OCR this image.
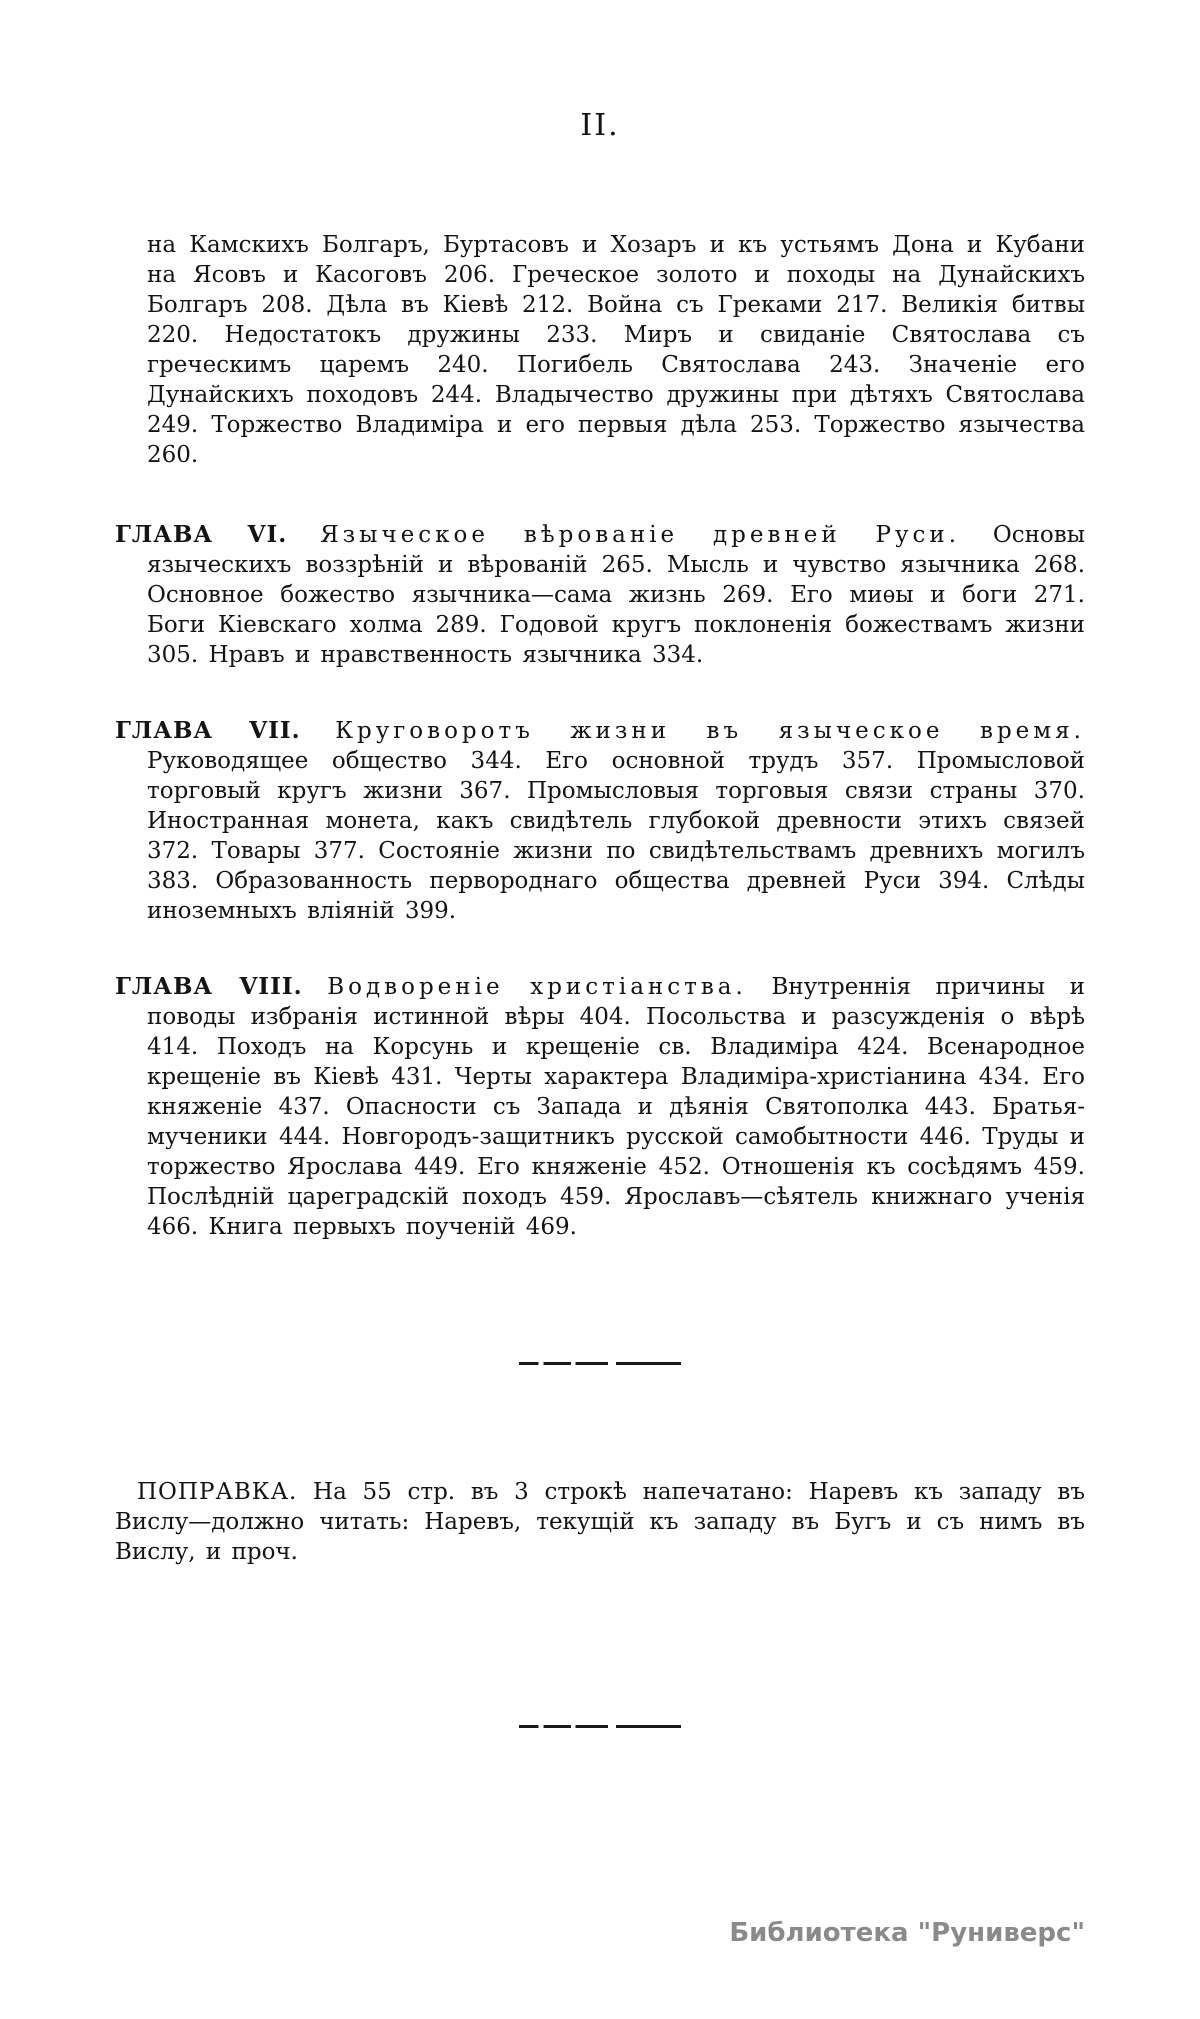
II.

на Камскихъ Болгаръ, Буртасовъ и Хозаръ и къ устьямъ Дона и Кубани на Ясовъ и Касоговъ 206. Греческое золото и походы на Дунайскихъ Болгаръ 208. Дѣла въ Кіевѣ 212. Война съ Греками 217. Великія битвы 220. Недостатокъ дружины 233. Миръ и свиданіе Святослава съ греческимъ царемъ 240. Погибель Святослава 243. Значеніе его Дунайскихъ походовъ 244. Владычество дружины при дѣтяхъ Святослава 249. Торжество Владиміра и его первыя дѣла 253. Торжество язычества 260.

ГЛАВА VI. Языческое вѣрованіе древней Руси. Основы языческихъ воззрѣній и вѣрованій 265. Мысль и чувство язычника 268. Основное божество язычника—сама жизнь 269. Его миѳы и боги 271. Боги Кіевскаго холма 289. Годовой кругъ поклоненія божествамъ жизни 305. Нравъ и нравственность язычника 334.

ГЛАВА VII. Круговоротъ жизни въ языческое время. Руководящее общество 344. Его основной трудъ 357. Промысловой торговый кругъ жизни 367. Промысловыя торговыя связи страны 370. Иностранная монета, какъ свидѣтель глубокой древности этихъ связей 372. Товары 377. Состояніе жизни по свидѣтельствамъ древнихъ могилъ 383. Образованность первороднаго общества древней Руси 394. Слѣды иноземныхъ вліяній 399.

ГЛАВА VIII. Водвореніе христіанства. Внутреннія причины и поводы избранія истинной вѣры 404. Посольства и разсужденія о вѣрѣ 414. Походъ на Корсунь и крещеніе св. Владиміра 424. Всенародное крещеніе въ Кіевѣ 431. Черты характера Владиміра-христіанина 434. Его княженіе 437. Опасности съ Запада и дѣянія Святополка 443. Братья-мученики 444. Новгородъ-защитникъ русской самобытности 446. Труды и торжество Ярослава 449. Его княженіе 452. Отношенія къ сосѣдямъ 459. Послѣдній цареградскій походъ 459. Ярославъ—сѣятель книжнаго ученія 466. Книга первыхъ поученій 469.

ПОПРАВКА. На 55 стр. въ 3 строкѣ напечатано: Наревъ къ западу въ Вислу—должно читать: Наревъ, текущій къ западу въ Бугъ и съ нимъ въ Вислу, и проч.

Библиотека "Руниверс"
